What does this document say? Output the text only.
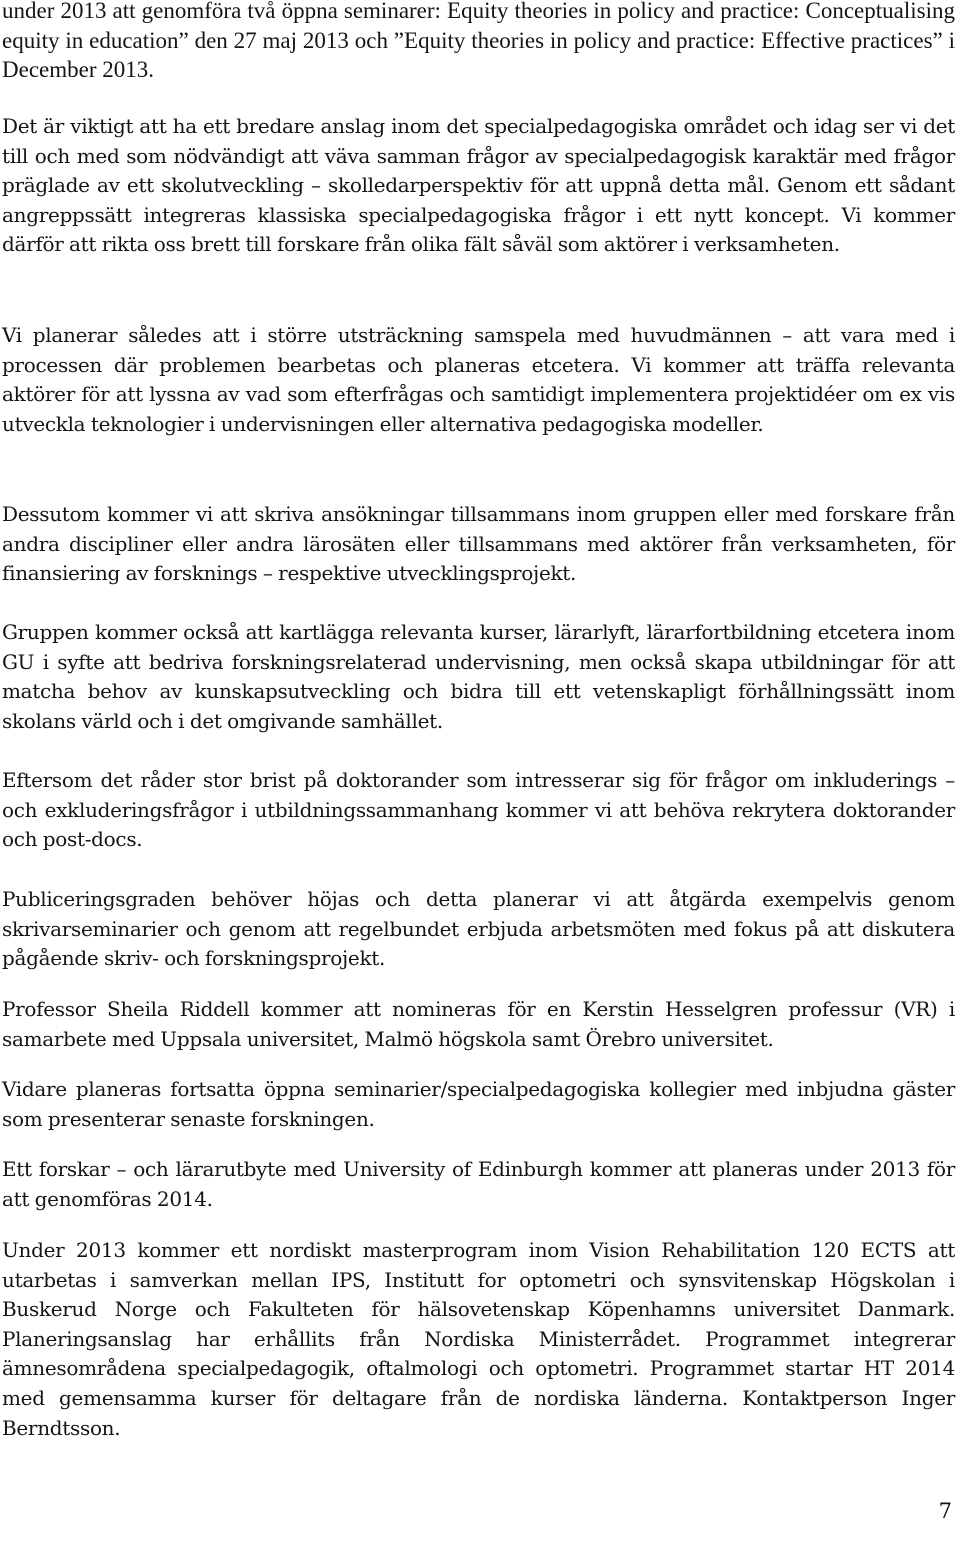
under 2013 att genomföra två öppna seminarer: Equity theories in policy and practice: Conceptualising equity in education” den 27 maj 2013 och ”Equity theories in policy and practice: Effective practices” i December 2013.

Det är viktigt att ha ett bredare anslag inom det specialpedagogiska området och idag ser vi det till och med som nödvändigt att väva samman frågor av specialpedagogisk karaktär med frågor präglade av ett skolutveckling – skolledarperspektiv för att uppnå detta mål. Genom ett sådant angreppssätt integreras klassiska specialpedagogiska frågor i ett nytt koncept. Vi kommer därför att rikta oss brett till forskare från olika fält såväl som aktörer i verksamheten.

Vi planerar således att i större utsträckning samspela med huvudmännen – att vara med i processen där problemen bearbetas och planeras etcetera. Vi kommer att träffa relevanta aktörer för att lyssna av vad som efterfrågas och samtidigt implementera projektidéer om ex vis utveckla teknologier i undervisningen eller alternativa pedagogiska modeller.

Dessutom kommer vi att skriva ansökningar tillsammans inom gruppen eller med forskare från andra discipliner eller andra lärosäten eller tillsammans med aktörer från verksamheten, för finansiering av forsknings – respektive utvecklingsprojekt.

Gruppen kommer också att kartlägga relevanta kurser, lärarlyft, lärarfortbildning etcetera inom GU i syfte att bedriva forskningsrelaterad undervisning, men också skapa utbildningar för att matcha behov av kunskapsutveckling och bidra till ett vetenskapligt förhållningssätt inom skolans värld och i det omgivande samhället.

Eftersom det råder stor brist på doktorander som intresserar sig för frågor om inkluderings – och exkluderingsfrågor i utbildningssammanhang kommer vi att behöva rekrytera doktorander och post-docs.

Publiceringsgraden behöver höjas och detta planerar vi att åtgärda exempelvis genom skrivarseminarier och genom att regelbundet erbjuda arbetsmöten med fokus på att diskutera pågående skriv- och forskningsprojekt.

Professor Sheila Riddell kommer att nomineras för en Kerstin Hesselgren professur (VR) i samarbete med Uppsala universitet, Malmö högskola samt Örebro universitet.

Vidare planeras fortsatta öppna seminarier/specialpedagogiska kollegier med inbjudna gäster som presenterar senaste forskningen.

Ett forskar – och lärarutbyte med University of Edinburgh kommer att planeras under 2013 för att genomföras 2014.

Under 2013 kommer ett nordiskt masterprogram inom Vision Rehabilitation 120 ECTS att utarbetas i samverkan mellan IPS, Institutt for optometri och synsvitenskap Högskolan i Buskerud Norge och Fakulteten för hälsovetenskap Köpenhamns universitet Danmark. Planeringsanslag har erhållits från Nordiska Ministerrådet. Programmet integrerar ämnesområdena specialpedagogik, oftalmologi och optometri. Programmet startar HT 2014 med gemensamma kurser för deltagare från de nordiska länderna. Kontaktperson Inger Berndtsson.

7
